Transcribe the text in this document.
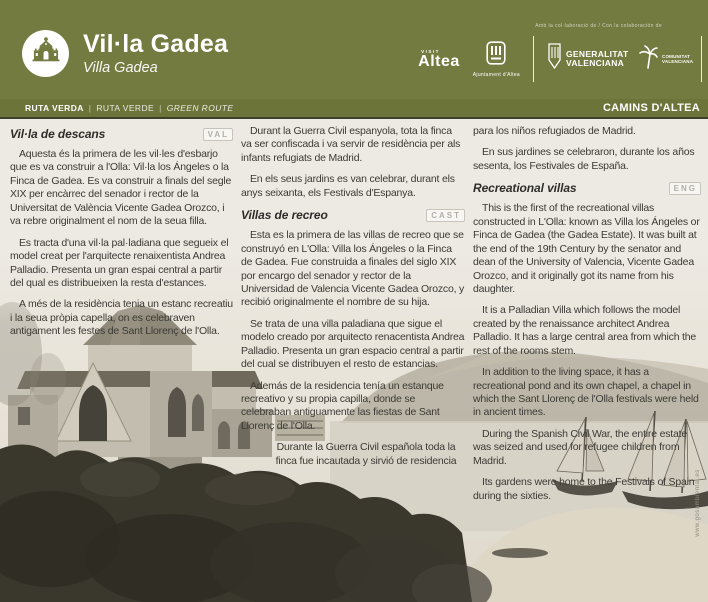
Vil·la Gadea
Villa Gadea
Amb la col·laboració de / Con la colaboración de
VISIT
Altea
Ajuntament d'Altea
GENERALITAT VALENCIANA
COMUNITAT VALENCIANA
RUTA VERDA | RUTA VERDE | GREEN ROUTE	CAMINS D'ALTEA
www.gosambiental.es
Vil·la de descans	VAL

Aquesta és la primera de les vil·les d'esbarjo que es va construir a l'Olla: Vil·la los Ángeles o la Finca de Gadea. Es va construir a finals del segle XIX per encàrrec del senador i rector de la Universitat de València Vicente Gadea Orozco, i va rebre originalment el nom de la seua filla.

Es tracta d'una vil·la pal·ladiana que segueix el model creat per l'arquitecte renaixentista Andrea Palladio. Presenta un gran espai central a partir del qual es distribueixen la resta d'estances.

A més de la residència tenia un estanc recreatiu i la seua pròpia capella, on es celebraven antigament les festes de Sant Llorenç de l'Olla.

Durant la Guerra Civil espanyola, tota la finca va ser confiscada i va servir de residència per als infants refugiats de Madrid.

En els seus jardins es van celebrar, durant els anys seixanta, els Festivals d'Espanya.

Villas de recreo	CAST

Esta es la primera de las villas de recreo que se construyó en L'Olla: Villa los Ángeles o la Finca de Gadea. Fue construida a finales del siglo XIX por encargo del senador y rector de la Universidad de Valencia Vicente Gadea Orozco, y recibió originalmente el nombre de su hija.

Se trata de una villa paladiana que sigue el modelo creado por arquitecto renacentista Andrea Palladio. Presenta un gran espacio central a partir del cual se distribuyen el resto de estancias.

Además de la residencia tenía un estanque recreativo y su propia capilla, donde se celebraban antiguamente las fiestas de Sant Llorenç de l'Olla.

Durante la Guerra Civil española toda la finca fue incautada y sirvió de residencia

para los niños refugiados de Madrid.

En sus jardines se celebraron, durante los años sesenta, los Festivales de España.

Recreational villas	ENG

This is the first of the recreational villas constructed in L'Olla: known as Villa los Ángeles or Finca de Gadea (the Gadea Estate). It was built at the end of the 19th Century by the senator and dean of the University of Valencia, Vicente Gadea Orozco, and it originally got its name from his daughter.

It is a Palladian Villa which follows the model created by the renaissance architect Andrea Palladio. It has a large central area from which the rest of the rooms stem.

In addition to the living space, it has a recreational pond and its own chapel, a chapel in which the Sant Llorenç de l'Olla festivals were held in ancient times.

During the Spanish Civil War, the entire estate was seized and used for refugee children from Madrid.

Its gardens were home to the Festivals of Spain during the sixties.
